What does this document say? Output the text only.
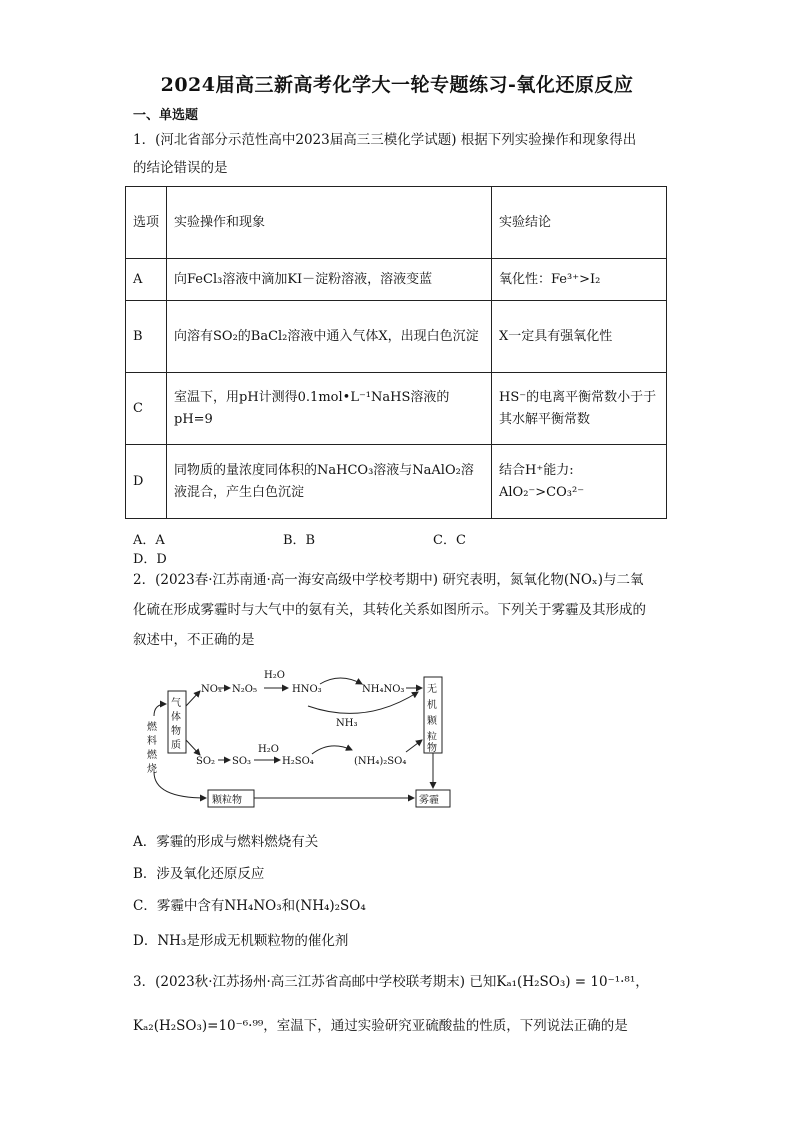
2024届高三新高考化学大一轮专题练习-氧化还原反应
一、单选题
1．(河北省部分示范性高中2023届高三三模化学试题) 根据下列实验操作和现象得出
的结论错误的是
选项	实验操作和现象	实验结论
A	向FeCl₃溶液中滴加KI－淀粉溶液，溶液变蓝	氧化性：Fe³⁺>I₂
B	向溶有SO₂的BaCl₂溶液中通入气体X，出现白色沉淀	X一定具有强氧化性
C	室温下，用pH计测得0.1mol•L⁻¹NaHS溶液的pH=9	HS⁻的电离平衡常数小于于其水解平衡常数
D	同物质的量浓度同体积的NaHCO₃溶液与NaAlO₂溶液混合，产生白色沉淀	结合H⁺能力: AlO₂⁻>CO₃²⁻
A．A	B．B	C．CD．D
2．(2023春·江苏南通·高一海安高级中学校考期中) 研究表明，氮氧化物(NOₓ)与二氧
化硫在形成雾霾时与大气中的氨有关，其转化关系如图所示。下列关于雾霾及其形成的
叙述中，不正确的是
气
体
物
质
燃
料
燃
烧
无
机
颗
粒
物
NOₓ N₂O₅	HNO₃	NH₄NO₃
SO₂ SO₃	H₂SO₄	(NH₄)₂SO₄
H₂O
H₂O
NH₃
颗粒物	雾霾
A．雾霾的形成与燃料燃烧有关
B．涉及氧化还原反应
C．雾霾中含有NH₄NO₃和(NH₄)₂SO₄
D．NH₃是形成无机颗粒物的催化剂
3．(2023秋·江苏扬州·高三江苏省高邮中学校联考期末) 已知Kₐ₁(H₂SO₃) = 10⁻¹·⁸¹，
Kₐ₂(H₂SO₃)=10⁻⁶·⁹⁹，室温下，通过实验研究亚硫酸盐的性质，下列说法正确的是
